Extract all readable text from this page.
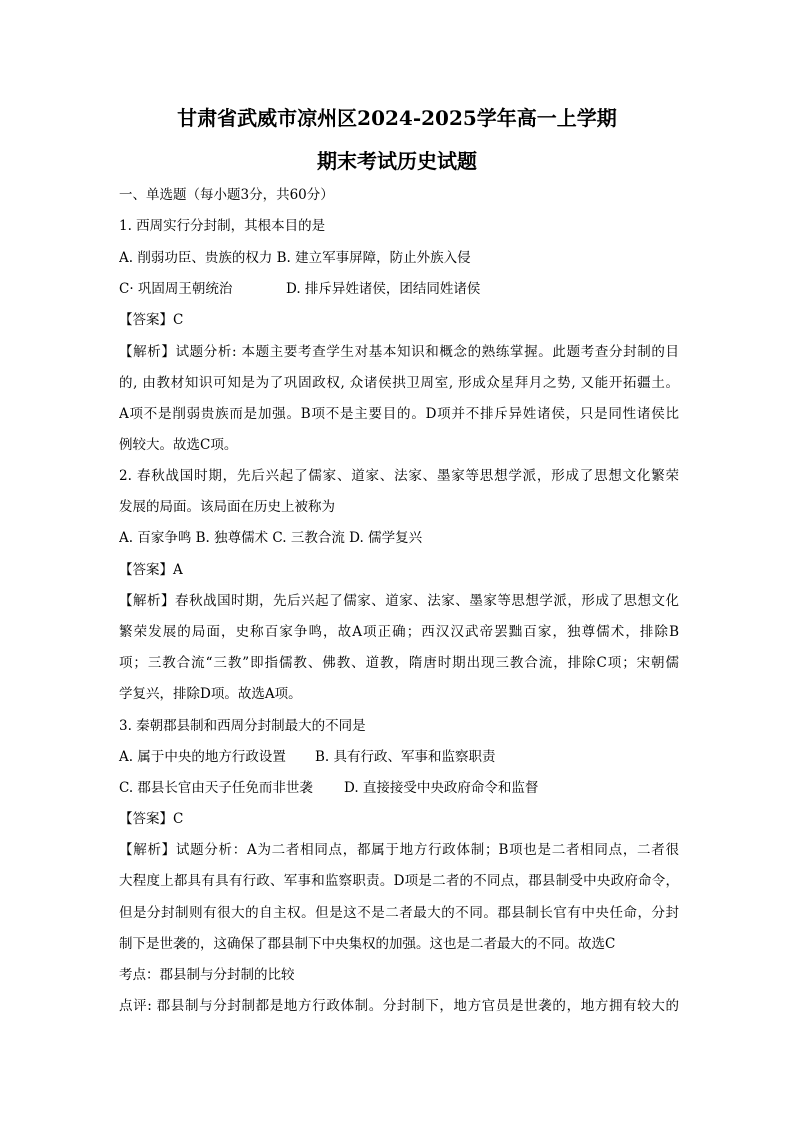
甘肃省武威市凉州区2024-2025学年高一上学期
期末考试历史试题
一、单选题（每小题3分，共60分）
1. 西周实行分封制，其根本目的是
A. 削弱功臣、贵族的权力 B. 建立军事屏障，防止外族入侵
C· 巩固周王朝统治	D. 排斥异姓诸侯，团结同姓诸侯
【答案】C
【解析】试题分析: 本题主要考查学生对基本知识和概念的熟练掌握。此题考查分封制的目
的, 由教材知识可知是为了巩固政权, 众诸侯拱卫周室, 形成众星拜月之势, 又能开拓疆土。
A项不是削弱贵族而是加强。B项不是主要目的。D项并不排斥异姓诸侯，只是同性诸侯比
例较大。故选C项。
2. 春秋战国时期，先后兴起了儒家、道家、法家、墨家等思想学派，形成了思想文化繁荣
发展的局面。该局面在历史上被称为
A. 百家争鸣 B. 独尊儒术 C. 三教合流 D. 儒学复兴
【答案】A
【解析】春秋战国时期，先后兴起了儒家、道家、法家、墨家等思想学派，形成了思想文化
繁荣发展的局面，史称百家争鸣，故A项正确；西汉汉武帝罢黜百家，独尊儒术，排除B
项；三教合流“三教”即指儒教、佛教、道教，隋唐时期出现三教合流，排除C项；宋朝儒
学复兴，排除D项。故选A项。
3. 秦朝郡县制和西周分封制最大的不同是
A. 属于中央的地方行政设置 B. 具有行政、军事和监察职责
C. 郡县长官由天子任免而非世袭 D. 直接接受中央政府命令和监督
【答案】C
【解析】试题分析：A为二者相同点，都属于地方行政体制；B项也是二者相同点，二者很
大程度上都具有具有行政、军事和监察职责。D项是二者的不同点，郡县制受中央政府命令，
但是分封制则有很大的自主权。但是这不是二者最大的不同。郡县制长官有中央任命，分封
制下是世袭的，这确保了郡县制下中央集权的加强。这也是二者最大的不同。故选C
考点：郡县制与分封制的比较
点评: 郡县制与分封制都是地方行政体制。分封制下，地方官员是世袭的，地方拥有较大的
